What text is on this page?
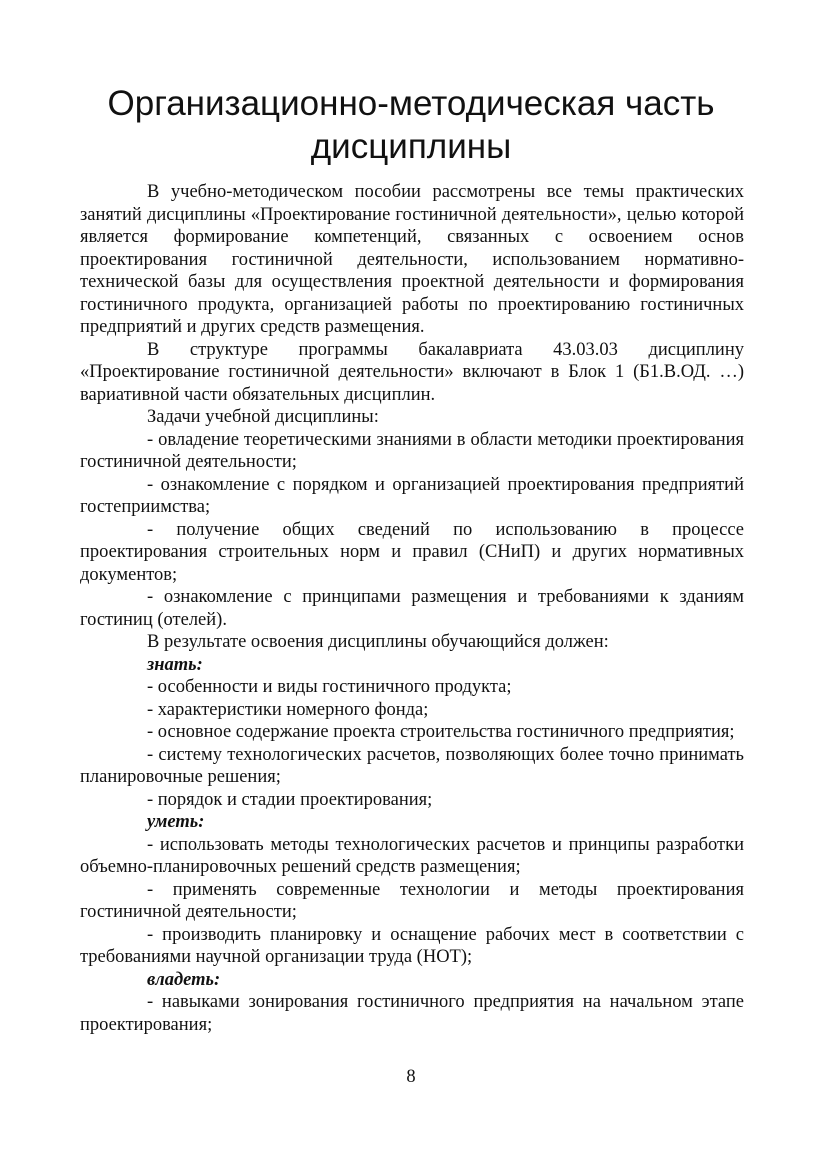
Организационно-методическая часть
дисциплины

В учебно-методическом пособии рассмотрены все темы практических занятий дисциплины «Проектирование гостиничной деятельности», целью которой является формирование компетенций, связанных с освоением основ проектирования гостиничной деятельности, использованием нормативно-технической базы для осуществления проектной деятельности и формирования гостиничного продукта, организацией работы по проектированию гостиничных предприятий и других средств размещения.

В структуре программы бакалавриата 43.03.03 дисциплину «Проектирование гостиничной деятельности» включают в Блок 1 (Б1.В.ОД. …) вариативной части обязательных дисциплин.

Задачи учебной дисциплины:

- овладение теоретическими знаниями в области методики проектирования гостиничной деятельности;

- ознакомление с порядком и организацией проектирования предприятий гостеприимства;

- получение общих сведений по использованию в процессе проектирования строительных норм и правил (СНиП) и других нормативных документов;

- ознакомление с принципами размещения и требованиями к зданиям гостиниц (отелей).

В результате освоения дисциплины обучающийся должен:

знать:

- особенности и виды гостиничного продукта;

- характеристики номерного фонда;

- основное содержание проекта строительства гостиничного предприятия;

- систему технологических расчетов, позволяющих более точно принимать планировочные решения;

- порядок и стадии проектирования;

уметь:

- использовать методы технологических расчетов и принципы разработки объемно-планировочных решений средств размещения;

- применять современные технологии и методы проектирования гостиничной деятельности;

- производить планировку и оснащение рабочих мест в соответствии с требованиями научной организации труда (НОТ);

владеть:

- навыками зонирования гостиничного предприятия на начальном этапе проектирования;

8
